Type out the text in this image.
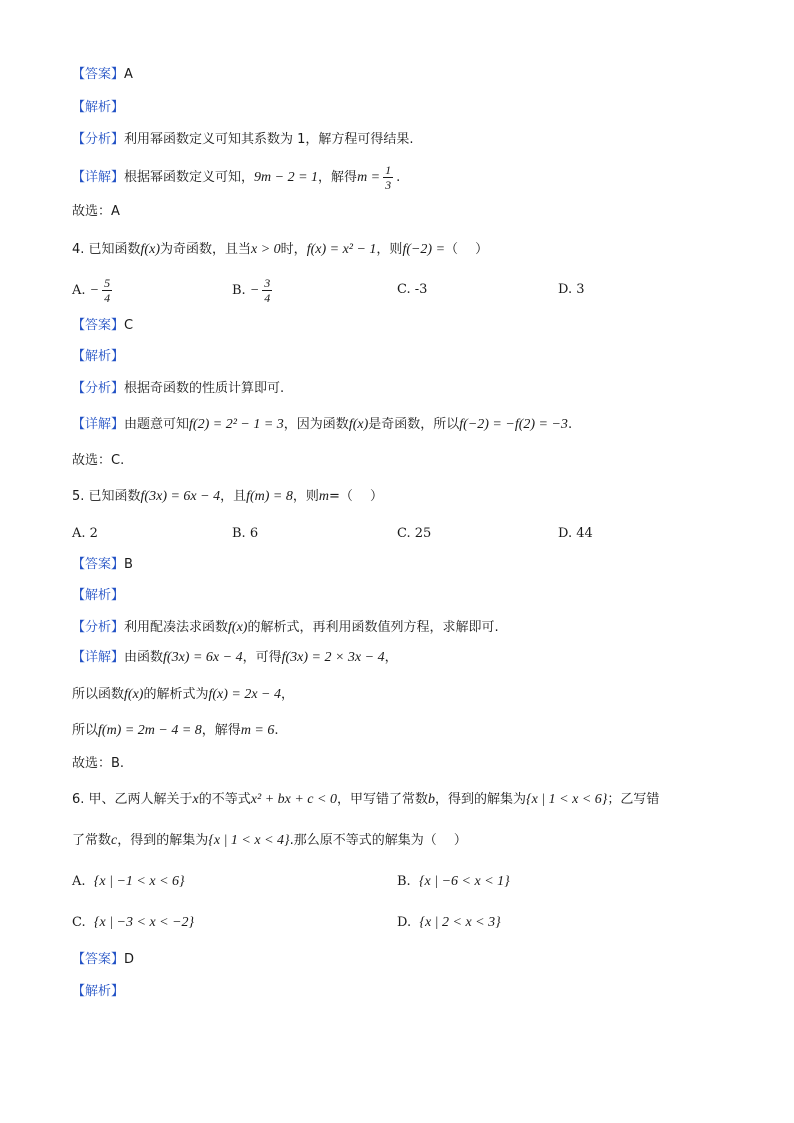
【答案】A
【解析】
【分析】利用幂函数定义可知其系数为 1，解方程可得结果.
【详解】根据幂函数定义可知，9m − 2 = 1，解得$m = \frac{1}{3}$ .
故选：A
4. 已知函数f(x)为奇函数，且当x > 0时，f(x) = x² − 1，则f(−2) =（　 ）
A. − $\frac{5}{4}$	B. − $\frac{3}{4}$	C. -3	D. 3
【答案】C
【解析】
【分析】根据奇函数的性质计算即可.
【详解】由题意可知f(2) = 2² − 1 = 3，因为函数f(x)是奇函数，所以f(−2) = −f(2) = −3.
故选：C.
5. 已知函数f(3x) = 6x − 4，且f(m) = 8，则m=（　 ）
A. 2	B. 6	C. 25	D. 44
【答案】B
【解析】
【分析】利用配凑法求函数f(x)的解析式，再利用函数值列方程，求解即可.
【详解】由函数f(3x) = 6x − 4，可得f(3x) = 2 × 3x − 4，
所以函数f(x)的解析式为f(x) = 2x − 4，
所以f(m) = 2m − 4 = 8，解得m = 6.
故选：B.
6. 甲、乙两人解关于x的不等式x² + bx + c < 0，甲写错了常数b，得到的解集为{x | 1 < x < 6}；乙写错
了常数c，得到的解集为{x | 1 < x < 4}.那么原不等式的解集为（　 ）
A. {x | −1 < x < 6}	B. {x | −6 < x < 1}
C. {x | −3 < x < −2}	D. {x | 2 < x < 3}
【答案】D
【解析】
